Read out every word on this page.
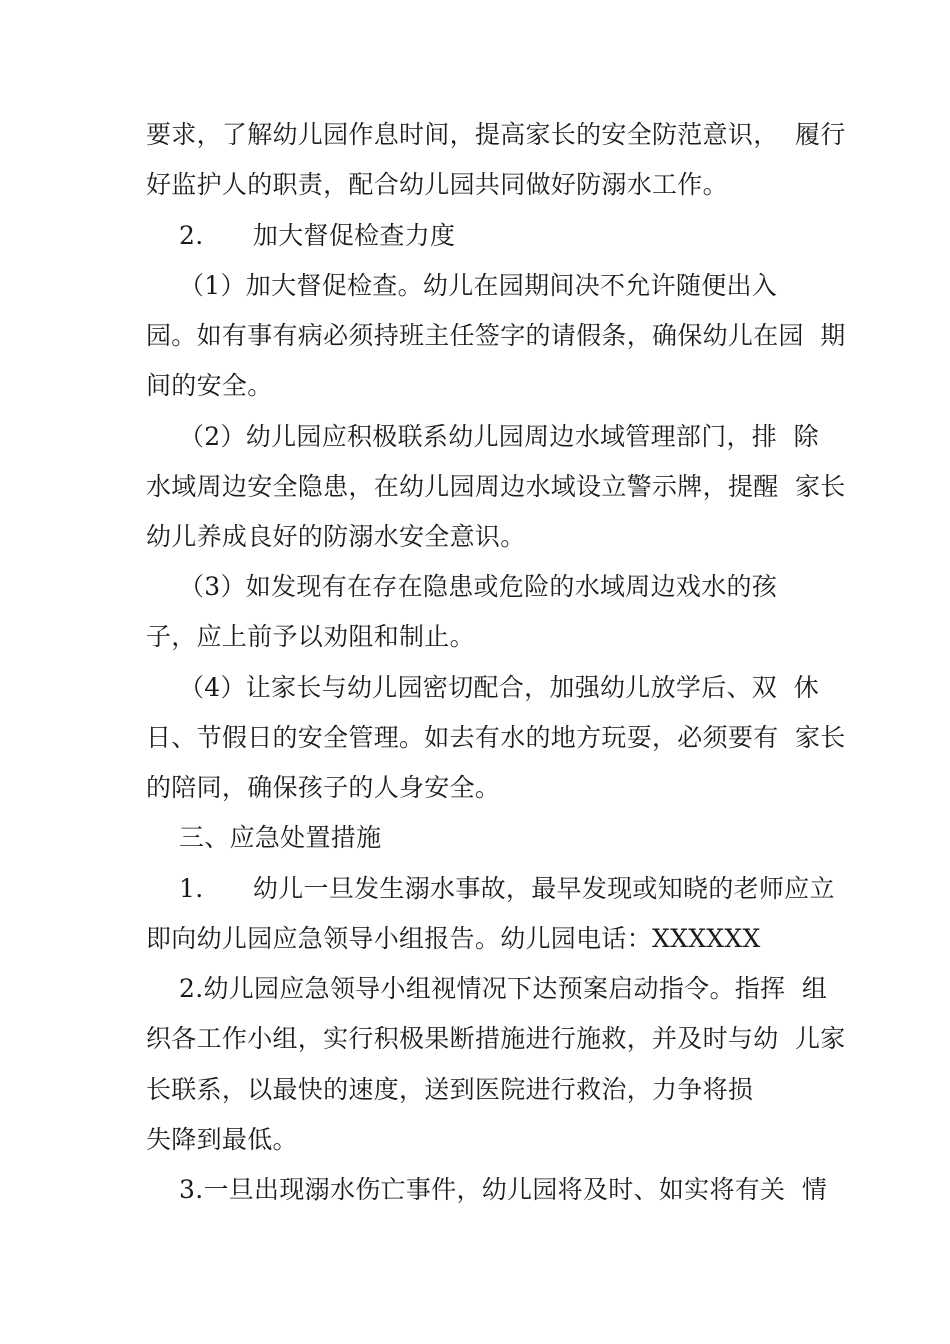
要求，了解幼儿园作息时间，提高家长的安全防范意识，  履行
好监护人的职责，配合幼儿园共同做好防溺水工作。
2.      加大督促检查力度
（1）加大督促检查。幼儿在园期间决不允许随便出入
园。如有事有病必须持班主任签字的请假条，确保幼儿在园  期
间的安全。
（2）幼儿园应积极联系幼儿园周边水域管理部门，排  除
水域周边安全隐患，在幼儿园周边水域设立警示牌，提醒  家长
幼儿养成良好的防溺水安全意识。
（3）如发现有在存在隐患或危险的水域周边戏水的孩
子，应上前予以劝阻和制止。
（4）让家长与幼儿园密切配合，加强幼儿放学后、双  休
日、节假日的安全管理。如去有水的地方玩耍，必须要有  家长
的陪同，确保孩子的人身安全。
三、应急处置措施
1.      幼儿一旦发生溺水事故，最早发现或知晓的老师应立
即向幼儿园应急领导小组报告。幼儿园电话：XXXXXX
2.幼儿园应急领导小组视情况下达预案启动指令。指挥  组
织各工作小组，实行积极果断措施进行施救，并及时与幼  儿家
长联系，以最快的速度，送到医院进行救治，力争将损
失降到最低。
3.一旦出现溺水伤亡事件，幼儿园将及时、如实将有关  情
